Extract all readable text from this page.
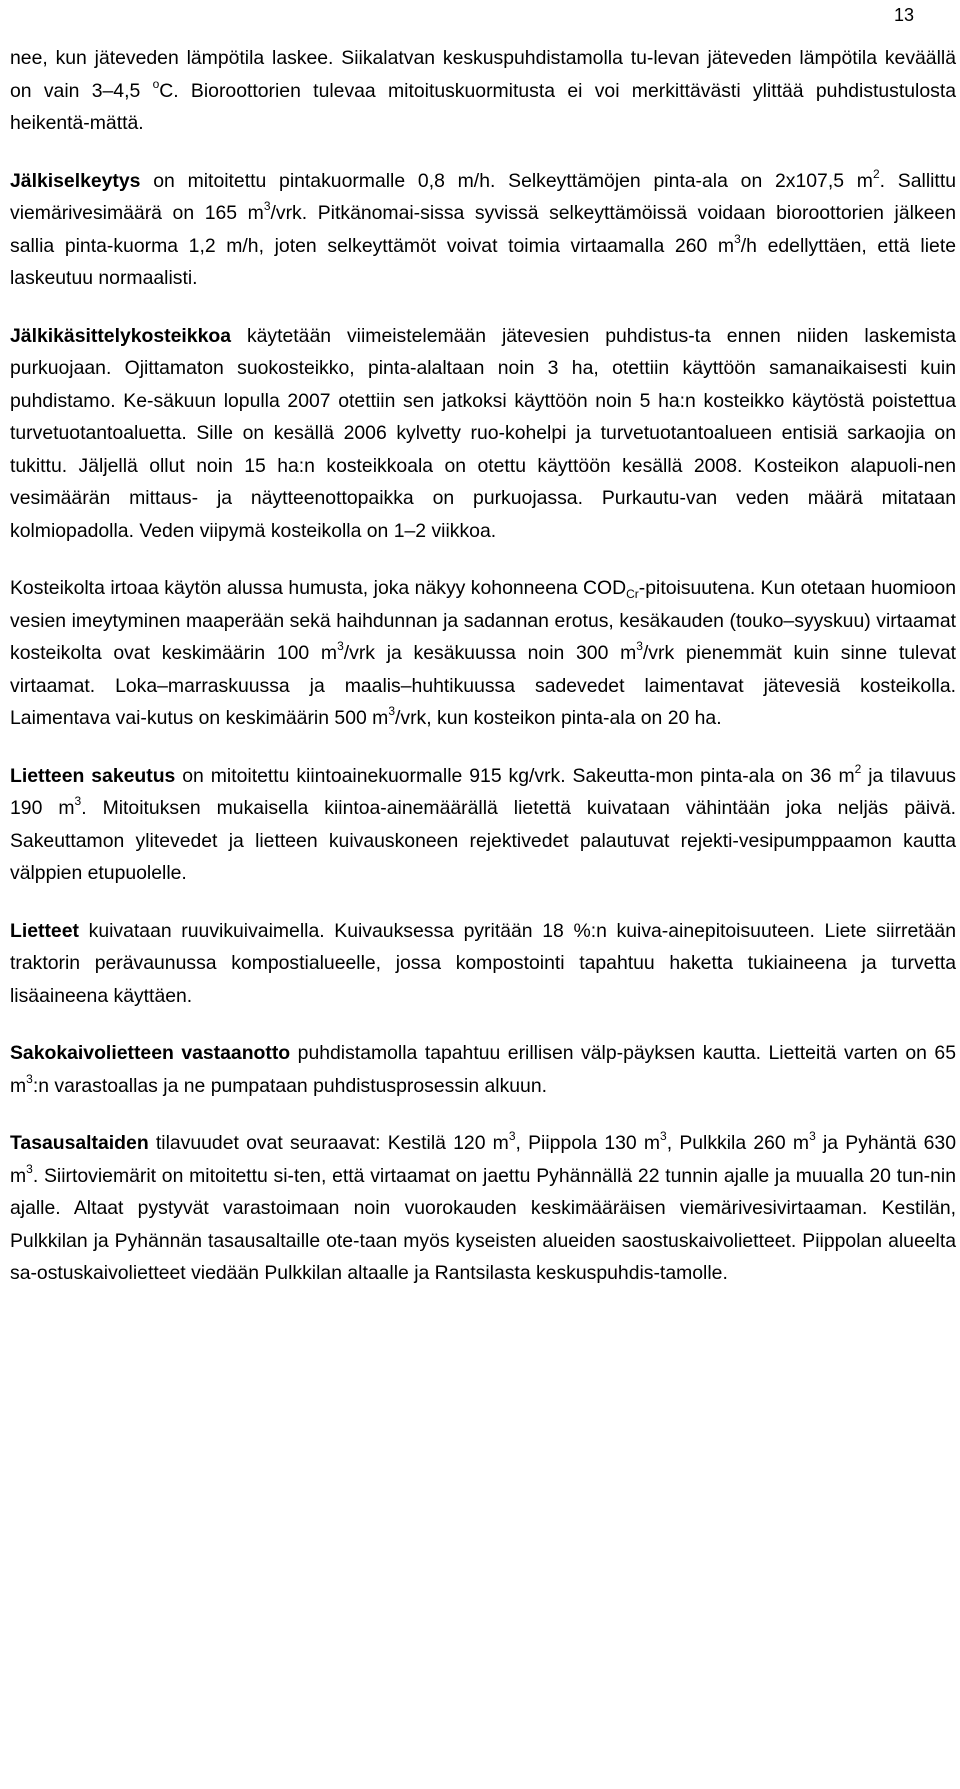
13

nee, kun jäteveden lämpötila laskee. Siikalatvan keskuspuhdistamolla tu-levan jäteveden lämpötila keväällä on vain 3–4,5 $^o$C. Bioroottorien tulevaa mitoituskuormitusta ei voi merkittävästi ylittää puhdistustulosta heikentä-mättä.

Jälkiselkeytys on mitoitettu pintakuormalle 0,8 m/h. Selkeyttämöjen pinta-ala on 2x107,5 $m^2$. Sallittu viemärivesimäärä on 165 $m^3$/vrk. Pitkänomai-sissa syvissä selkeyttämöissä voidaan bioroottorien jälkeen sallia pinta-kuorma 1,2 m/h, joten selkeyttämöt voivat toimia virtaamalla 260 $m^3/h$ edellyttäen, että liete laskeutuu normaalisti.

Jälkikäsittelykosteikkoa käytetään viimeistelemään jätevesien puhdistus-ta ennen niiden laskemista purkuojaan. Ojittamaton suokosteikko, pinta-alaltaan noin 3 ha, otettiin käyttöön samanaikaisesti kuin puhdistamo. Ke-säkuun lopulla 2007 otettiin sen jatkoksi käyttöön noin 5 ha:n kosteikko käytöstä poistettua turvetuotantoaluetta. Sille on kesällä 2006 kylvetty ruo-kohelpi ja turvetuotantoalueen entisiä sarkaojia on tukittu. Jäljellä ollut noin 15 ha:n kosteikkoala on otettu käyttöön kesällä 2008. Kosteikon alapuoli-nen vesimäärän mittaus- ja näytteenottopaikka on purkuojassa. Purkautu-van veden määrä mitataan kolmiopadolla. Veden viipymä kosteikolla on 1–2 viikkoa.

Kosteikolta irtoaa käytön alussa humusta, joka näkyy kohonneena $COD_{Cr}$-pitoisuutena. Kun otetaan huomioon vesien imeytyminen maaperään sekä haihdunnan ja sadannan erotus, kesäkauden (touko–syyskuu) virtaamat kosteikolta ovat keskimäärin 100 $m^3$/vrk ja kesäkuussa noin 300 $m^3$/vrk pienemmät kuin sinne tulevat virtaamat. Loka–marraskuussa ja maalis–huhtikuussa sadevedet laimentavat jätevesiä kosteikolla. Laimentava vai-kutus on keskimäärin 500 $m^3$/vrk, kun kosteikon pinta-ala on 20 ha.

Lietteen sakeutus on mitoitettu kiintoainekuormalle 915 kg/vrk. Sakeutta-mon pinta-ala on 36 $m^2$ ja tilavuus 190 $m^3$. Mitoituksen mukaisella kiintoa-ainemäärällä lietettä kuivataan vähintään joka neljäs päivä. Sakeuttamon ylitevedet ja lietteen kuivauskoneen rejektivedet palautuvat rejekti-vesipumppaamon kautta välppien etupuolelle.

Lietteet kuivataan ruuvikuivaimella. Kuivauksessa pyritään 18 %:n kuiva-ainepitoisuuteen. Liete siirretään traktorin perävaunussa kompostialueelle, jossa kompostointi tapahtuu haketta tukiaineena ja turvetta lisäaineena käyttäen.

Sakokaivolietteen vastaanotto puhdistamolla tapahtuu erillisen välp-päyksen kautta. Lietteitä varten on 65 $m^3:n$ varastoallas ja ne pumpataan puhdistusprosessin alkuun.

Tasausaltaiden tilavuudet ovat seuraavat: Kestilä 120 $m^3$, Piippola 130 $m^3$, Pulkkila 260 $m^3$ ja Pyhäntä 630 $m^3$. Siirtoviemärit on mitoitettu si-ten, että virtaamat on jaettu Pyhännällä 22 tunnin ajalle ja muualla 20 tun-nin ajalle. Altaat pystyvät varastoimaan noin vuorokauden keskimääräisen viemärivesivirtaaman. Kestilän, Pulkkilan ja Pyhännän tasausaltaille ote-taan myös kyseisten alueiden saostuskaivolietteet. Piippolan alueelta sa-ostuskaivolietteet viedään Pulkkilan altaalle ja Rantsilasta keskuspuhdis-tamolle.
